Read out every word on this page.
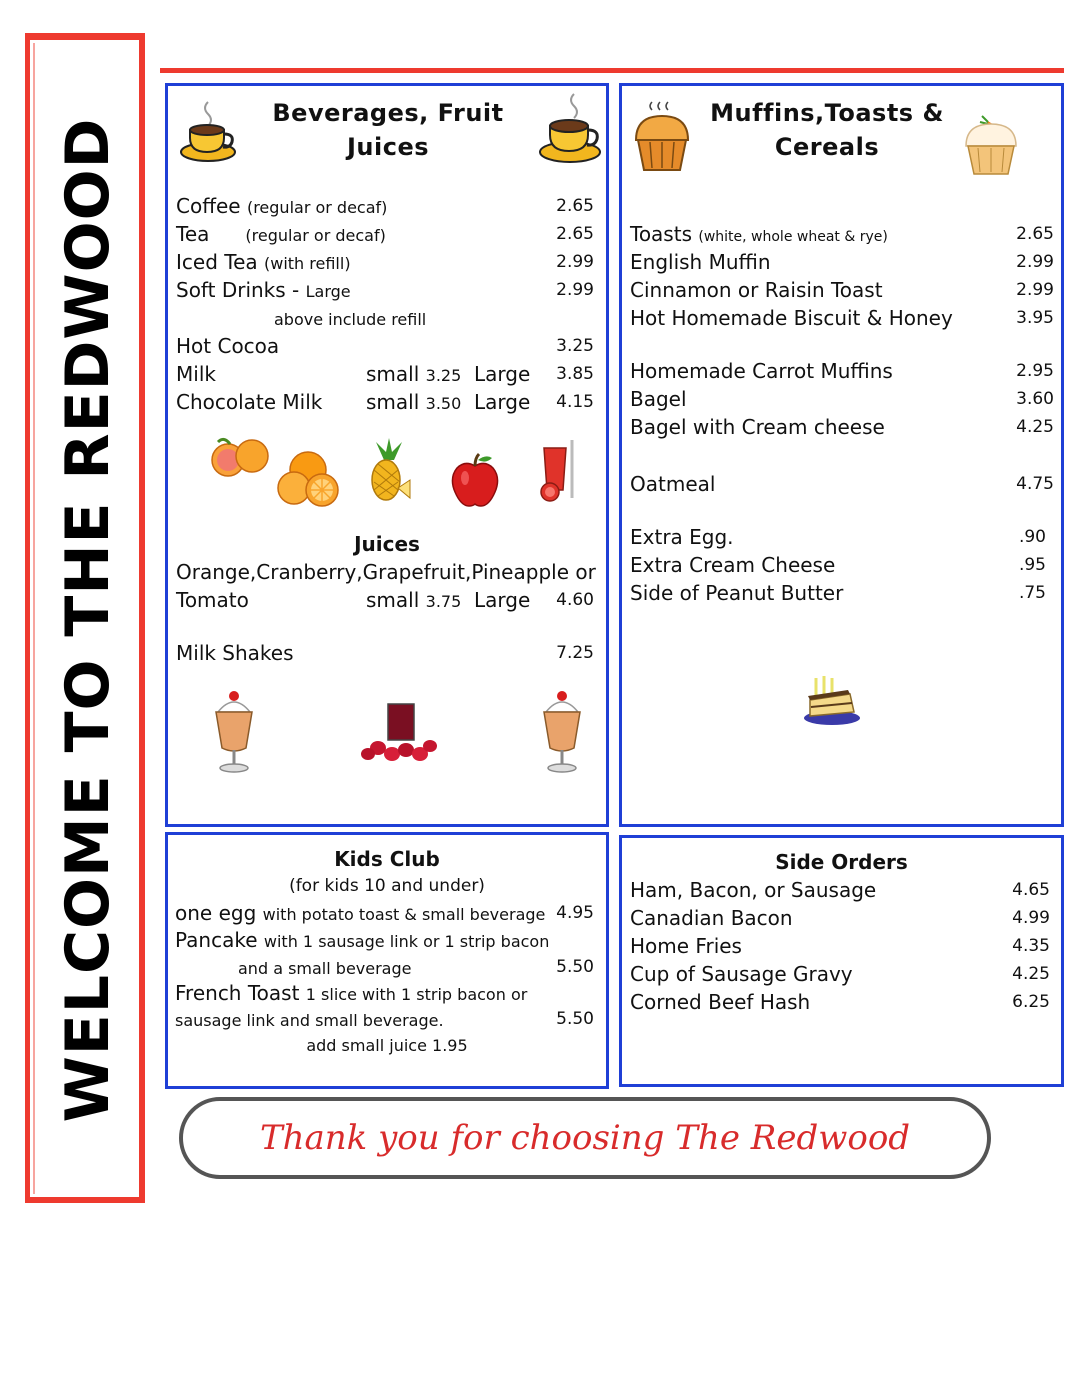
WELCOME TO THE REDWOOD
Beverages, Fruit Juices
Coffee (regular or decaf)	2.65
Tea (regular or decaf)	2.65
Iced Tea (with refill)	2.99
Soft Drinks - Large	2.99
above include refill
Hot Cocoa	3.25
Milk	small 3.25 Large	3.85
Chocolate Milk small 3.50 Large	4.15
Juices
Orange,Cranberry,Grapefruit,Pineapple or
Tomato	small 3.75 Large	4.60
Milk Shakes	7.25
Muffins,Toasts &
Cereals
Toasts (white, whole wheat & rye)	2.65
English Muffin	2.99
Cinnamon or Raisin Toast	2.99
Hot Homemade Biscuit & Honey	3.95
Homemade Carrot Muffins	2.95
Bagel	3.60
Bagel with Cream cheese	4.25
Oatmeal	4.75
Extra Egg.	.90
Extra Cream Cheese	.95
Side of Peanut Butter	.75
Kids Club
(for kids 10 and under)
one egg with potato toast & small beverage 4.95
Pancake with 1 sausage link or 1 strip bacon
and a small beverage	5.50
French Toast 1 slice with 1 strip bacon or
sausage link and small beverage.	5.50
add small juice 1.95
Side Orders
Ham, Bacon, or Sausage	4.65
Canadian Bacon	4.99
Home Fries	4.35
Cup of Sausage Gravy	4.25
Corned Beef Hash	6.25
Thank you for choosing The Redwood
